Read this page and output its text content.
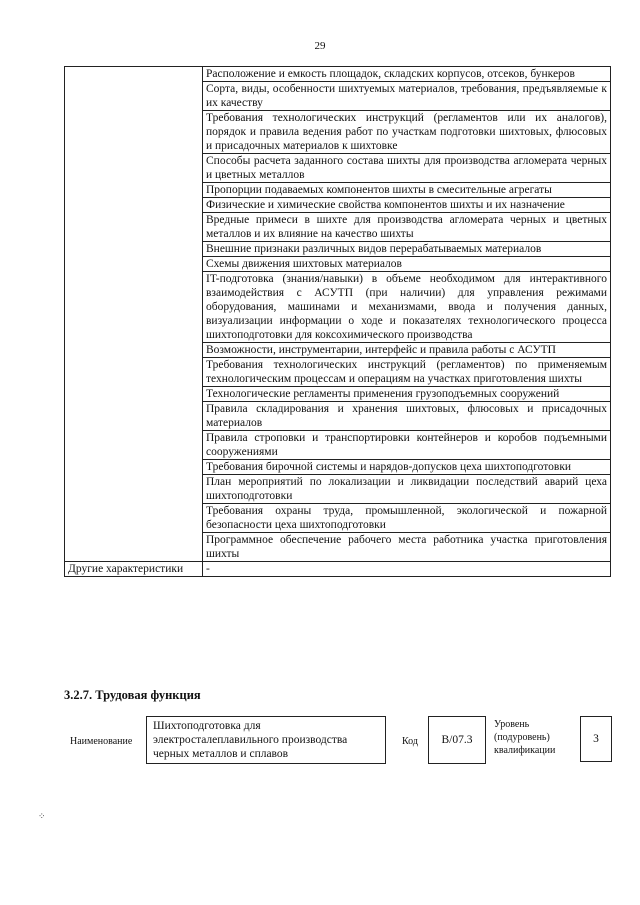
29
	Расположение и емкость площадок, складских корпусов, отсеков, бункеров
	Сорта, виды, особенности шихтуемых материалов, требования, предъявляемые к их качеству
	Требования технологических инструкций (регламентов или их аналогов), порядок и правила ведения работ по участкам подготовки шихтовых, флюсовых и присадочных материалов к шихтовке
	Способы расчета заданного состава шихты для производства агломерата черных и цветных металлов
	Пропорции подаваемых компонентов шихты в смесительные агрегаты
	Физические и химические свойства компонентов шихты и их назначение
	Вредные примеси в шихте для производства агломерата черных и цветных металлов и их влияние на качество шихты
	Внешние признаки различных видов перерабатываемых материалов
	Схемы движения шихтовых материалов
	IT-подготовка (знания/навыки) в объеме необходимом для интерактивного взаимодействия с АСУТП (при наличии) для управления режимами оборудования, машинами и механизмами, ввода и получения данных, визуализации информации о ходе и показателях технологического процесса шихтоподготовки для коксохимического производства
	Возможности, инструментарии, интерфейс и правила работы с АСУТП
	Требования технологических инструкций (регламентов) по применяемым технологическим процессам и операциям на участках приготовления шихты
	Технологические регламенты применения грузоподъемных сооружений
	Правила складирования и хранения шихтовых, флюсовых и присадочных материалов
	Правила строповки и транспортировки контейнеров и коробов подъемными сооружениями
	Требования бирочной системы и нарядов-допусков цеха шихтоподготовки
	План мероприятий по локализации и ликвидации последствий аварий цеха шихтоподготовки
	Требования охраны труда, промышленной, экологической и пожарной безопасности цеха шихтоподготовки
	Программное обеспечение рабочего места работника участка приготовления шихты
Другие характеристики	-
3.2.7. Трудовая функция
Наименование
Шихтоподготовка для электросталеплавильного производства черных металлов и сплавов
Код	В/07.3
Уровень (подуровень) квалификации
3
⁘
